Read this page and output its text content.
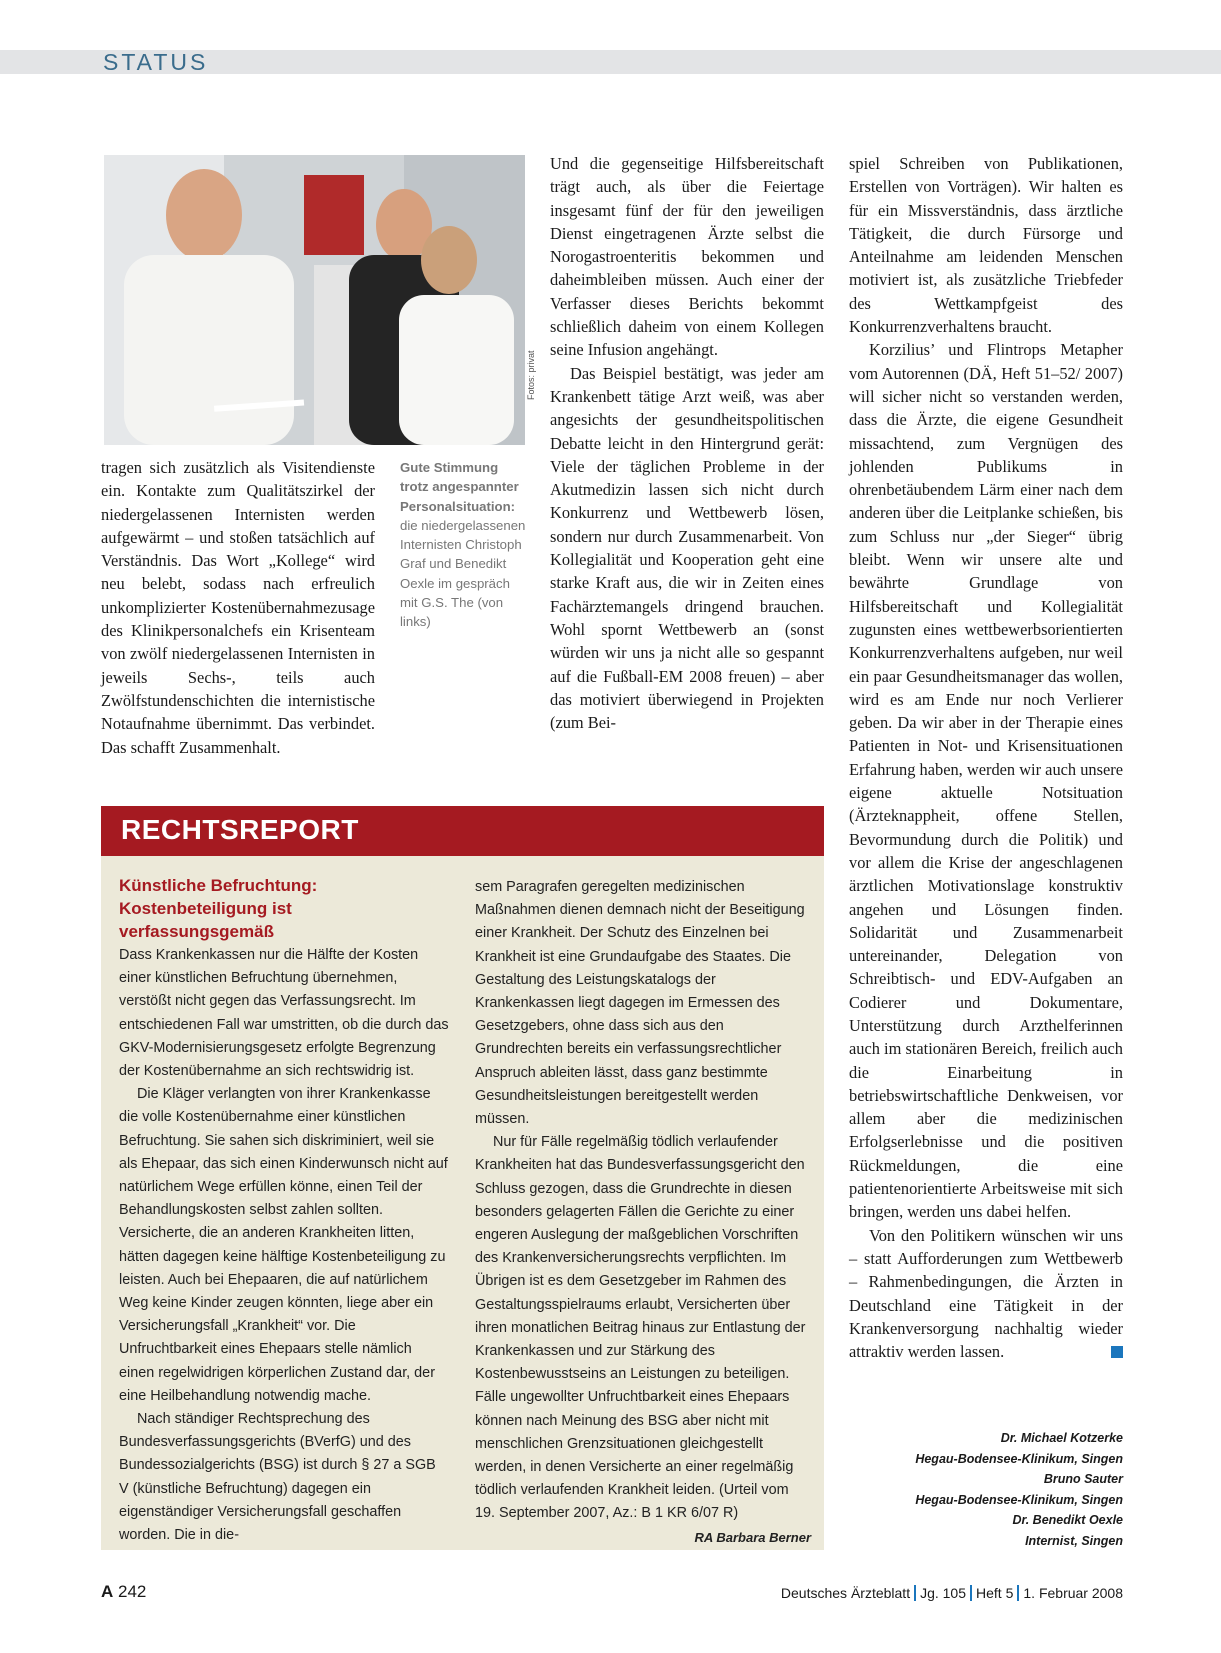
STATUS
Fotos: privat
Gute Stimmung trotz angespannter Personalsituation: die niedergelassenen Internisten Christoph Graf und Benedikt Oexle im gespräch mit G.S. The (von links)

tragen sich zusätzlich als Visitendienste ein. Kontakte zum Qualitätszirkel der niedergelassenen Internisten werden aufgewärmt – und stoßen tatsächlich auf Verständnis. Das Wort „Kollege“ wird neu belebt, sodass nach erfreulich unkomplizierter Kostenübernahmezusage des Klinikpersonalchefs ein Krisenteam von zwölf niedergelassenen Internisten in jeweils Sechs-, teils auch Zwölfstundenschichten die internistische Notaufnahme übernimmt. Das verbindet. Das schafft Zusammenhalt.

Und die gegenseitige Hilfsbereitschaft trägt auch, als über die Feiertage insgesamt fünf der für den jeweiligen Dienst eingetragenen Ärzte selbst die Norogastroenteritis bekommen und daheimbleiben müssen. Auch einer der Verfasser dieses Berichts bekommt schließlich daheim von einem Kollegen seine Infusion angehängt.

Das Beispiel bestätigt, was jeder am Krankenbett tätige Arzt weiß, was aber angesichts der gesundheitspolitischen Debatte leicht in den Hintergrund gerät: Viele der täglichen Probleme in der Akutmedizin lassen sich nicht durch Konkurrenz und Wettbewerb lösen, sondern nur durch Zusammenarbeit. Von Kollegialität und Kooperation geht eine starke Kraft aus, die wir in Zeiten eines Fachärztemangels dringend brauchen. Wohl spornt Wettbewerb an (sonst würden wir uns ja nicht alle so gespannt auf die Fußball-EM 2008 freuen) – aber das motiviert überwiegend in Projekten (zum Bei-

spiel Schreiben von Publikationen, Erstellen von Vorträgen). Wir halten es für ein Missverständnis, dass ärztliche Tätigkeit, die durch Fürsorge und Anteilnahme am leidenden Menschen motiviert ist, als zusätzliche Triebfeder des Wettkampfgeist des Konkurrenzverhaltens braucht.

Korzilius’ und Flintrops Metapher vom Autorennen (DÄ, Heft 51–52/ 2007) will sicher nicht so verstanden werden, dass die Ärzte, die eigene Gesundheit missachtend, zum Vergnügen des johlenden Publikums in ohrenbetäubendem Lärm einer nach dem anderen über die Leitplanke schießen, bis zum Schluss nur „der Sieger“ übrig bleibt. Wenn wir unsere alte und bewährte Grundlage von Hilfsbereitschaft und Kollegialität zugunsten eines wettbewerbsorientierten Konkurrenzverhaltens aufgeben, nur weil ein paar Gesundheitsmanager das wollen, wird es am Ende nur noch Verlierer geben. Da wir aber in der Therapie eines Patienten in Not- und Krisensituationen Erfahrung haben, werden wir auch unsere eigene aktuelle Notsituation (Ärzteknappheit, offene Stellen, Bevormundung durch die Politik) und vor allem die Krise der angeschlagenen ärztlichen Motivationslage konstruktiv angehen und Lösungen finden. Solidarität und Zusammenarbeit untereinander, Delegation von Schreibtisch- und EDV-Aufgaben an Codierer und Dokumentare, Unterstützung durch Arzthelferinnen auch im stationären Bereich, freilich auch die Einarbeitung in betriebswirtschaftliche Denkweisen, vor allem aber die medizinischen Erfolgserlebnisse und die positiven Rückmeldungen, die eine patientenorientierte Arbeitsweise mit sich bringen, werden uns dabei helfen.

Von den Politikern wünschen wir uns – statt Aufforderungen zum Wettbewerb – Rahmenbedingungen, die Ärzten in Deutschland eine Tätigkeit in der Krankenversorgung nachhaltig wieder attraktiv werden lassen.

Dr. Michael Kotzerke
Hegau-Bodensee-Klinikum, Singen
Bruno Sauter
Hegau-Bodensee-Klinikum, Singen
Dr. Benedikt Oexle
Internist, Singen
RECHTSREPORT
Künstliche Befruchtung: Kostenbeteiligung ist verfassungsgemäß

Dass Krankenkassen nur die Hälfte der Kosten einer künstlichen Befruchtung übernehmen, verstößt nicht gegen das Verfassungsrecht. Im entschiedenen Fall war umstritten, ob die durch das GKV-Modernisierungsgesetz erfolgte Begrenzung der Kostenübernahme an sich rechtswidrig ist.

Die Kläger verlangten von ihrer Krankenkasse die volle Kostenübernahme einer künstlichen Befruchtung. Sie sahen sich diskriminiert, weil sie als Ehepaar, das sich einen Kinderwunsch nicht auf natürlichem Wege erfüllen könne, einen Teil der Behandlungskosten selbst zahlen sollten. Versicherte, die an anderen Krankheiten litten, hätten dagegen keine hälftige Kostenbeteiligung zu leisten. Auch bei Ehepaaren, die auf natürlichem Weg keine Kinder zeugen könnten, liege aber ein Versicherungsfall „Krankheit“ vor. Die Unfruchtbarkeit eines Ehepaars stelle nämlich einen regelwidrigen körperlichen Zustand dar, der eine Heilbehandlung notwendig mache.

Nach ständiger Rechtsprechung des Bundesverfassungsgerichts (BVerfG) und des Bundessozialgerichts (BSG) ist durch § 27 a SGB V (künstliche Befruchtung) dagegen ein eigenständiger Versicherungsfall geschaffen worden. Die in die-

sem Paragrafen geregelten medizinischen Maßnahmen dienen demnach nicht der Beseitigung einer Krankheit. Der Schutz des Einzelnen bei Krankheit ist eine Grundaufgabe des Staates. Die Gestaltung des Leistungskatalogs der Krankenkassen liegt dagegen im Ermessen des Gesetzgebers, ohne dass sich aus den Grundrechten bereits ein verfassungsrechtlicher Anspruch ableiten lässt, dass ganz bestimmte Gesundheitsleistungen bereitgestellt werden müssen.

Nur für Fälle regelmäßig tödlich verlaufender Krankheiten hat das Bundesverfassungsgericht den Schluss gezogen, dass die Grundrechte in diesen besonders gelagerten Fällen die Gerichte zu einer engeren Auslegung der maßgeblichen Vorschriften des Krankenversicherungsrechts verpflichten. Im Übrigen ist es dem Gesetzgeber im Rahmen des Gestaltungsspielraums erlaubt, Versicherten über ihren monatlichen Beitrag hinaus zur Entlastung der Krankenkassen und zur Stärkung des Kostenbewusstseins an Leistungen zu beteiligen. Fälle ungewollter Unfruchtbarkeit eines Ehepaars können nach Meinung des BSG aber nicht mit menschlichen Grenzsituationen gleichgestellt werden, in denen Versicherte an einer regelmäßig tödlich verlaufenden Krankheit leiden. (Urteil vom 19. September 2007, Az.: B 1 KR 6/07 R)
RA Barbara Berner

A 242	Deutsches Ärzteblatt Jg. 105 Heft 5 1. Februar 2008
